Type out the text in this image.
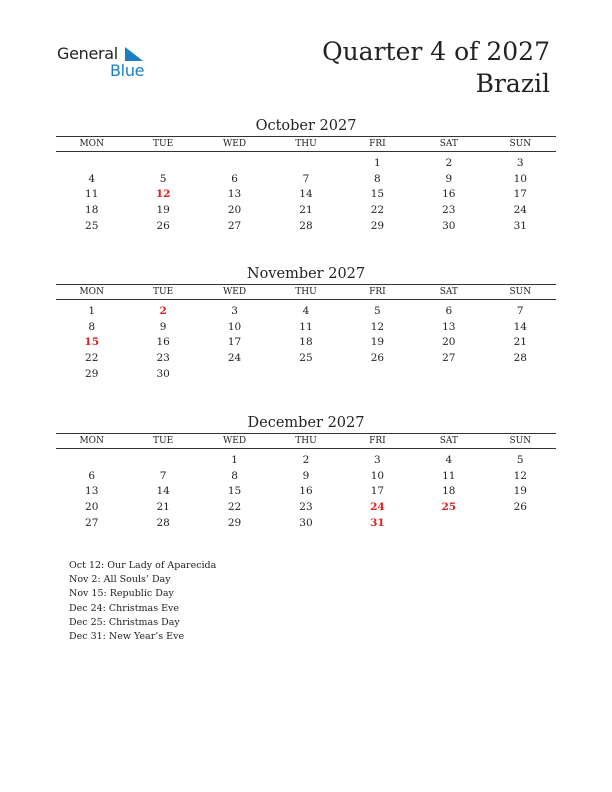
General
Blue
Quarter 4 of 2027
Brazil
October 2027
MON	TUE	WED	THU	FRI	SAT	SUN
				1	2	3
4	5	6	7	8	9	10
11	12	13	14	15	16	17
18	19	20	21	22	23	24
25	26	27	28	29	30	31
November 2027
MON	TUE	WED	THU	FRI	SAT	SUN
1	2	3	4	5	6	7
8	9	10	11	12	13	14
15	16	17	18	19	20	21
22	23	24	25	26	27	28
29	30					
December 2027
MON	TUE	WED	THU	FRI	SAT	SUN
		1	2	3	4	5
6	7	8	9	10	11	12
13	14	15	16	17	18	19
20	21	22	23	24	25	26
27	28	29	30	31		
Oct 12: Our Lady of Aparecida
Nov 2: All Souls’ Day
Nov 15: Republic Day
Dec 24: Christmas Eve
Dec 25: Christmas Day
Dec 31: New Year’s Eve
